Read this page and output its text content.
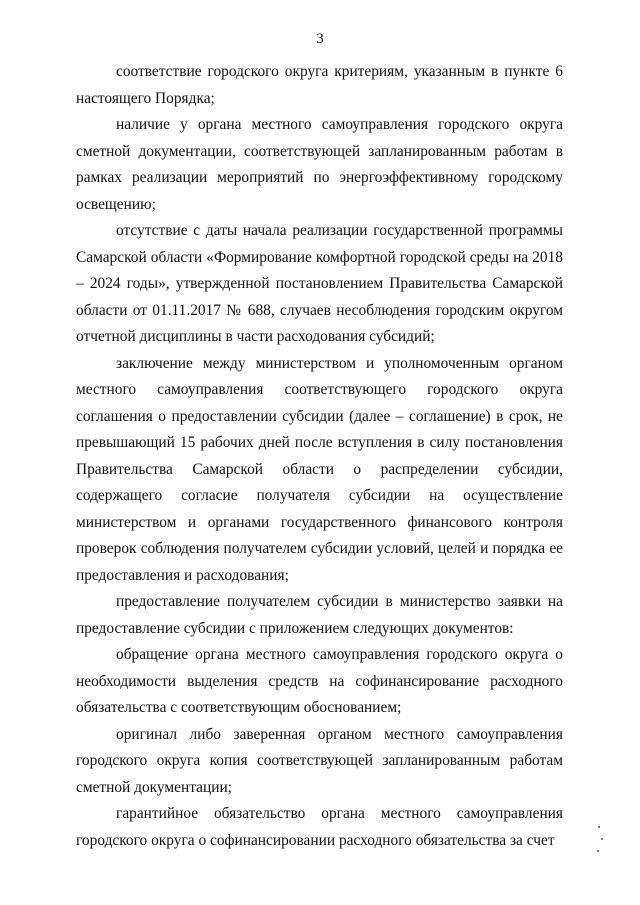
3

соответствие городского округа критериям, указанным в пункте 6 настоящего Порядка;

наличие у органа местного самоуправления городского округа сметной документации, соответствующей запланированным работам в рамках реализации мероприятий по энергоэффективному городскому освещению;

отсутствие с даты начала реализации государственной программы Самарской области «Формирование комфортной городской среды на 2018 – 2024 годы», утвержденной постановлением Правительства Самарской области от 01.11.2017 № 688, случаев несоблюдения городским округом отчетной дисциплины в части расходования субсидий;

заключение между министерством и уполномоченным органом местного самоуправления соответствующего городского округа соглашения о предоставлении субсидии (далее – соглашение) в срок, не превышающий 15 рабочих дней после вступления в силу постановления Правительства Самарской области о распределении субсидии, содержащего согласие получателя субсидии на осуществление министерством и органами государственного финансового контроля проверок соблюдения получателем субсидии условий, целей и порядка ее предоставления и расходования;

предоставление получателем субсидии в министерство заявки на предоставление субсидии с приложением следующих документов:

обращение органа местного самоуправления городского округа о необходимости выделения средств на софинансирование расходного обязательства с соответствующим обоснованием;

оригинал либо заверенная органом местного самоуправления городского округа копия соответствующей запланированным работам сметной документации;

гарантийное обязательство органа местного самоуправления городского округа о софинансировании расходного обязательства за счет
